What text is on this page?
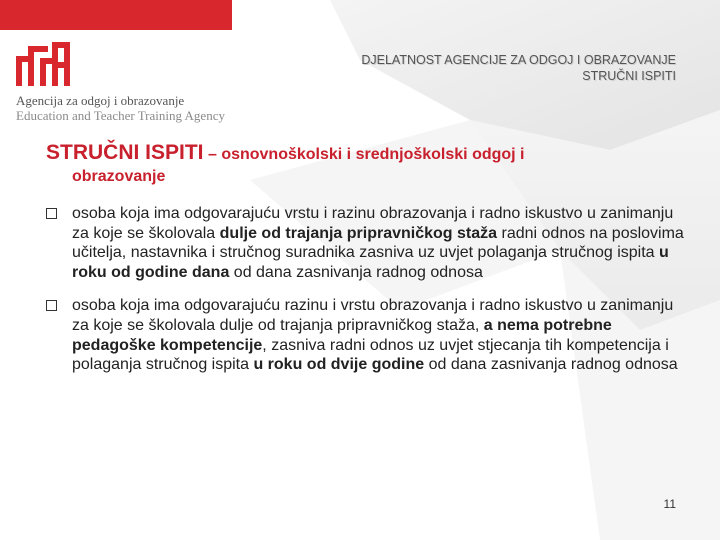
Agencija za odgoj i obrazovanje
Education and Teacher Training Agency
DJELATNOST AGENCIJE ZA ODGOJ I OBRAZOVANJE
STRUČNI ISPITI
STRUČNI ISPITI – osnovnoškolski i srednjoškolski odgoj i
obrazovanje
osoba koja ima odgovarajuću vrstu i razinu obrazovanja i radno iskustvo u zanimanju za koje se školovala dulje od trajanja pripravničkog staža radni odnos na poslovima učitelja, nastavnika i stručnog suradnika zasniva uz uvjet polaganja stručnog ispita u roku od godine dana od dana zasnivanja radnog odnosa
osoba koja ima odgovarajuću razinu i vrstu obrazovanja i radno iskustvo u zanimanju za koje se školovala dulje od trajanja pripravničkog staža, a nema potrebne pedagoške kompetencije, zasniva radni odnos uz uvjet stjecanja tih kompetencija i polaganja stručnog ispita u roku od dvije godine od dana zasnivanja radnog odnosa
11
